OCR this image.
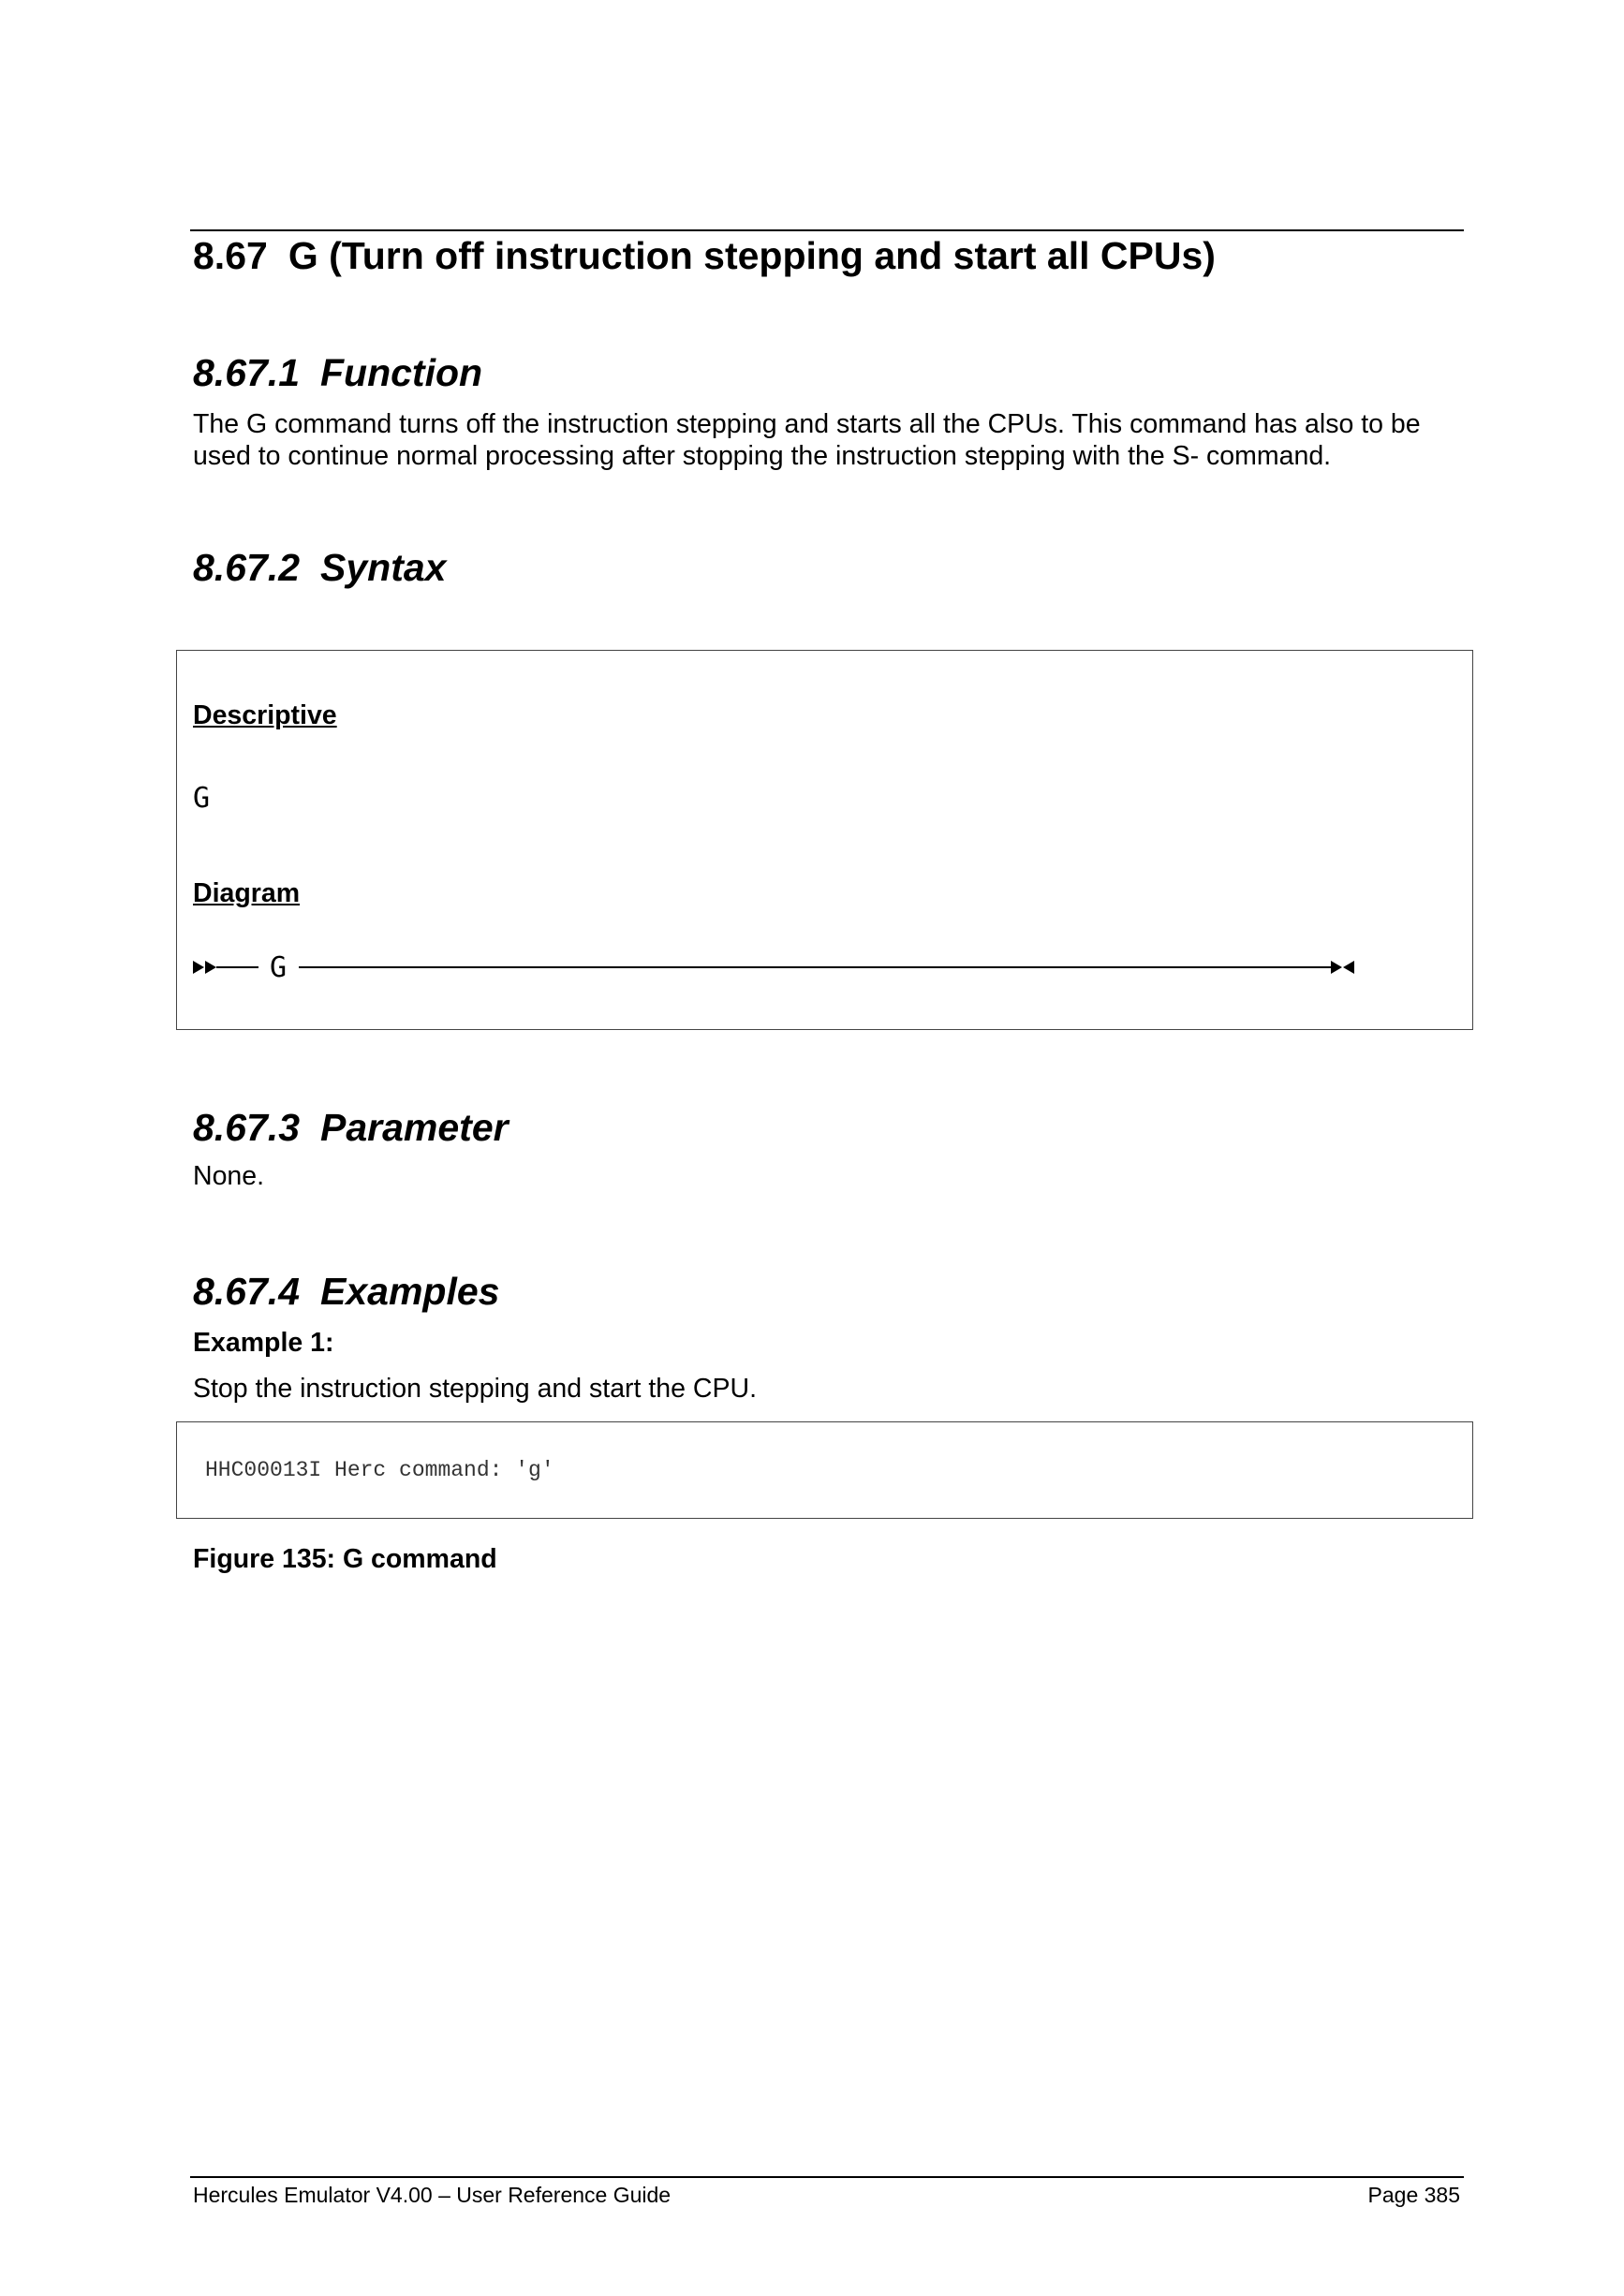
8.67 G (Turn off instruction stepping and start all CPUs)
8.67.1 Function
The G command turns off the instruction stepping and starts all the CPUs. This command has also to be
used to continue normal processing after stopping the instruction stepping with the S- command.
8.67.2 Syntax
Descriptive
G
Diagram
G
8.67.3 Parameter
None.
8.67.4 Examples
Example 1:
Stop the instruction stepping and start the CPU.
HHC00013I Herc command: 'g'
Figure 135: G command
Hercules Emulator V4.00 – User Reference Guide	Page 385
